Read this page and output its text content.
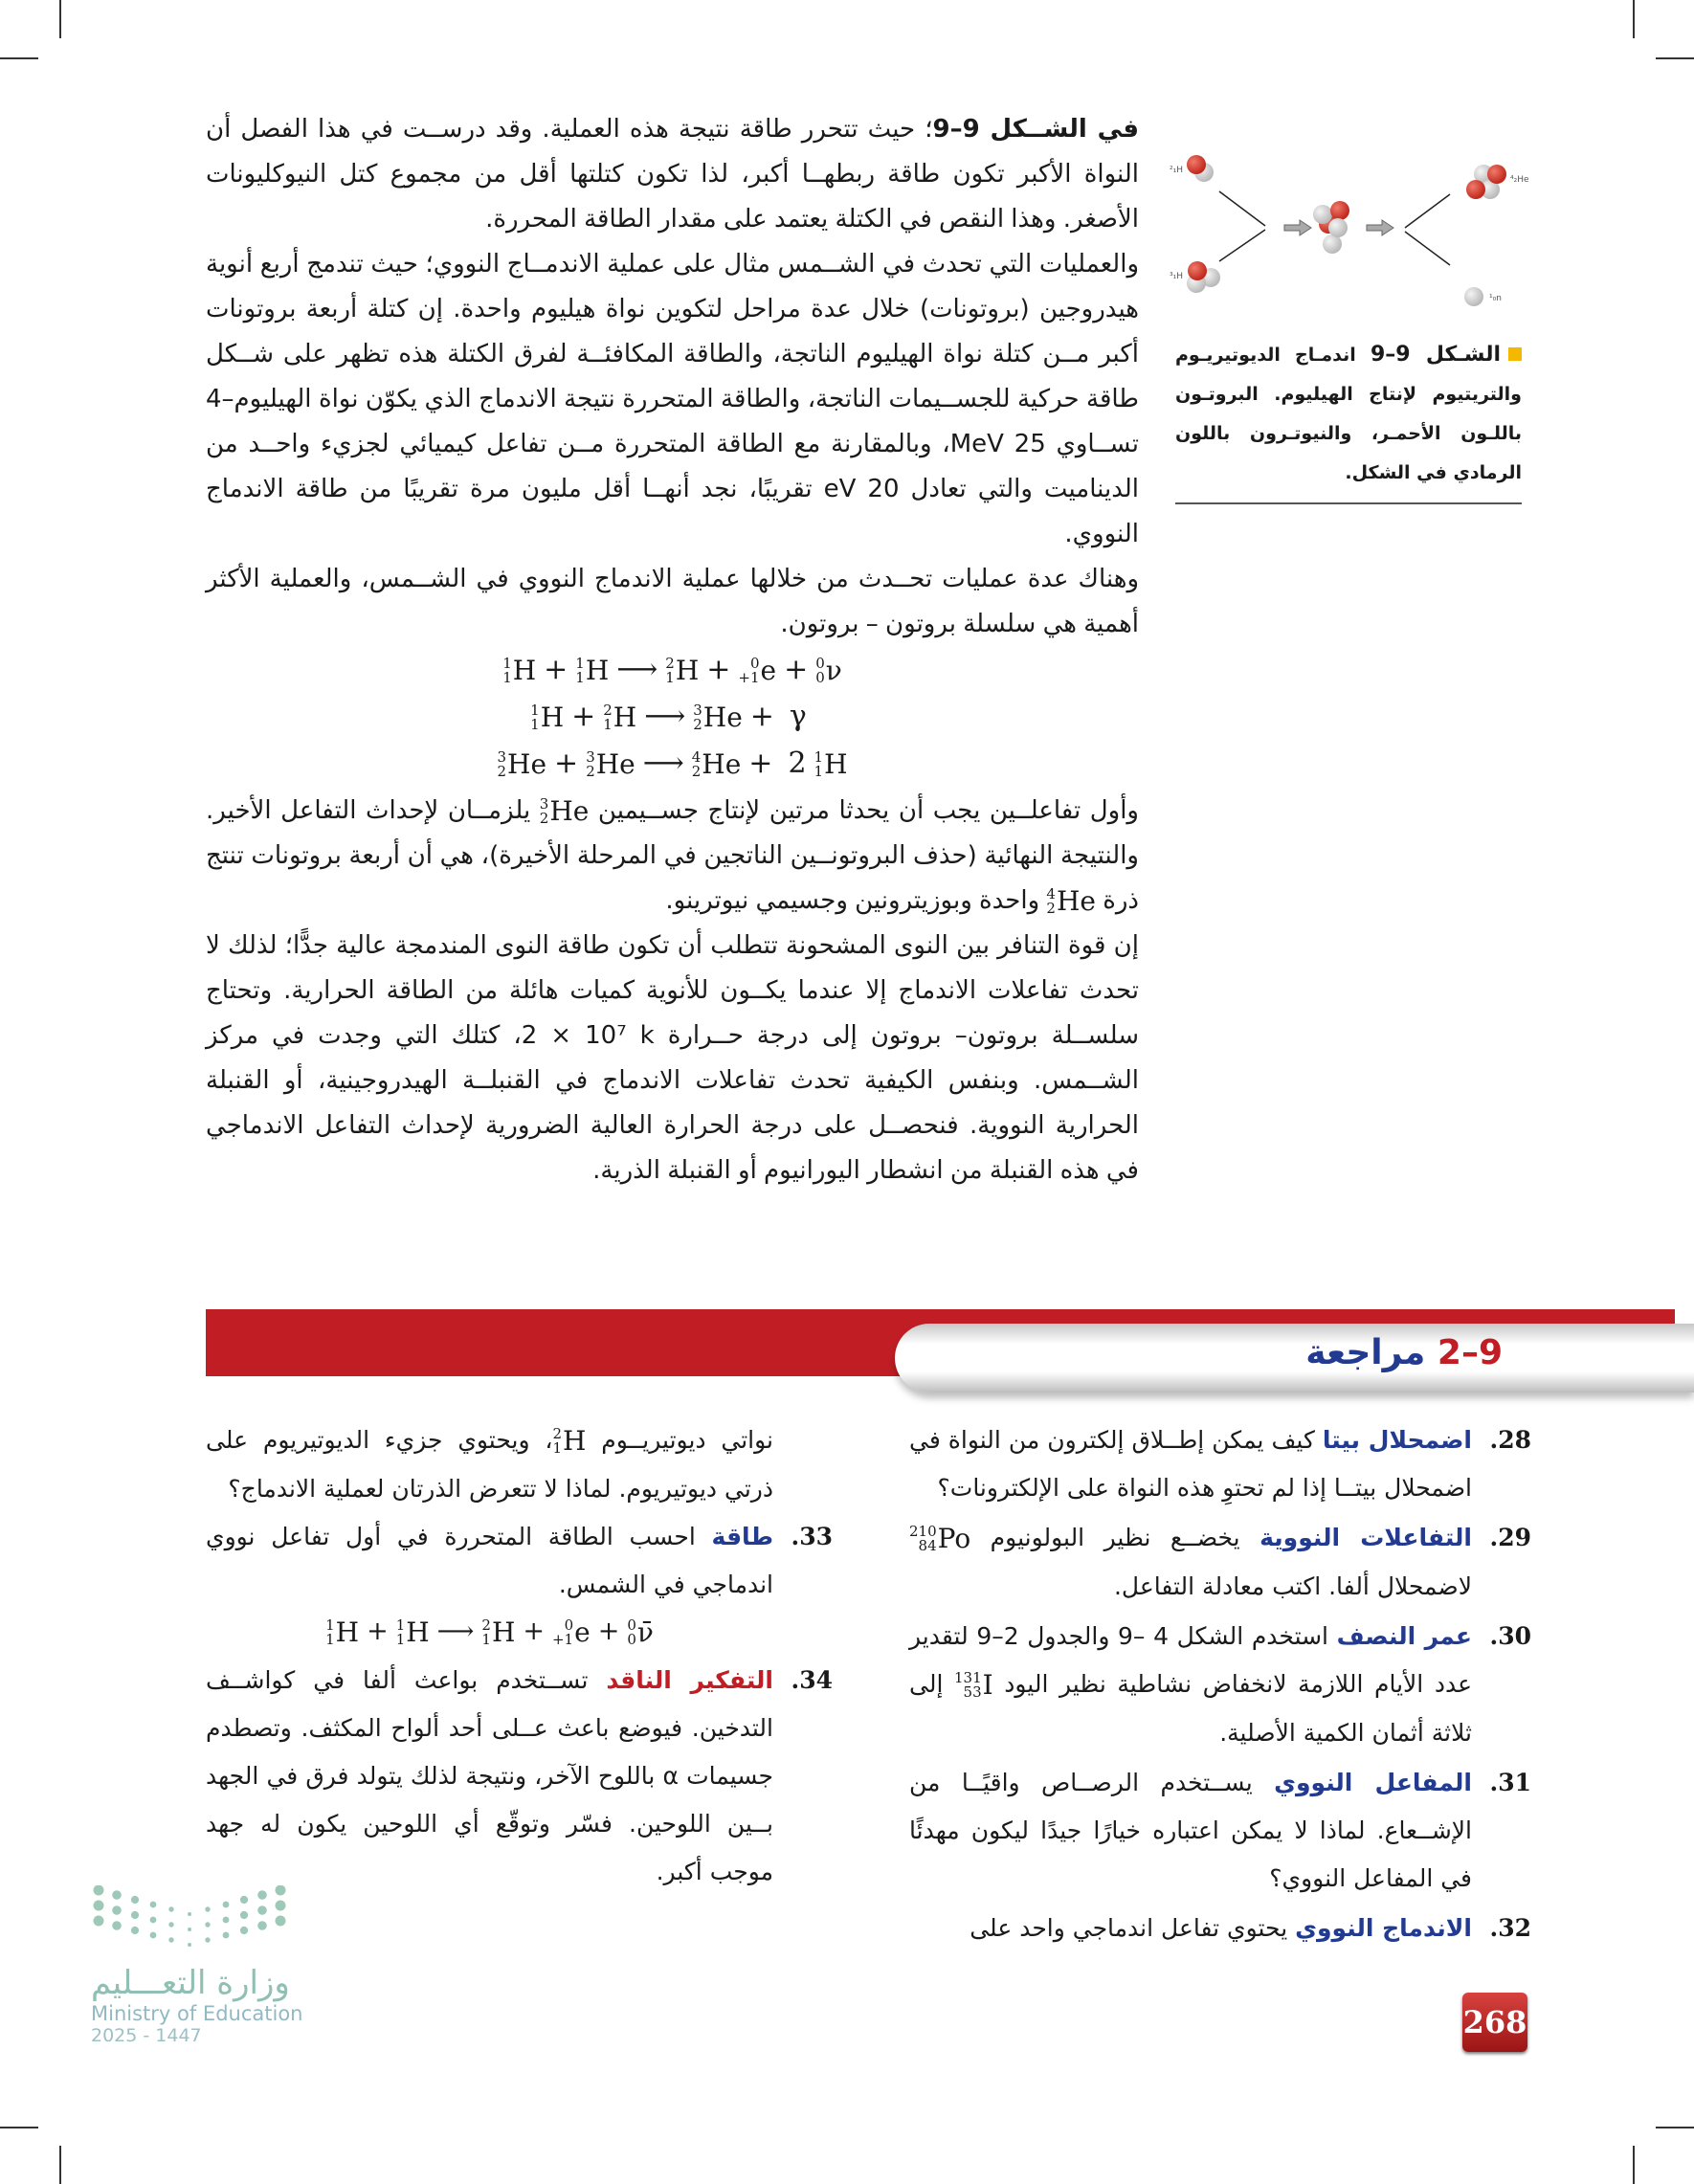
²₁H
³₁H
⁴₂He
¹₀n
الشـكل 9–9 اندمـاج الديوتيريـوم والتريتيوم لإنتاج الهيليوم. البروتـون باللـون الأحمـر، والنيوتـرون باللون الرمادي في الشكل.

في الشــكل 9–9؛ حيث تتحرر طاقة نتيجة هذه العملية. وقد درســت في هذا الفصل أن النواة الأكبر تكون طاقة ربطهــا أكبر، لذا تكون كتلتها أقل من مجموع كتل النيوكليونات الأصغر. وهذا النقص في الكتلة يعتمد على مقدار الطاقة المحررة.

والعمليات التي تحدث في الشــمس مثال على عملية الاندمــاج النووي؛ حيث تندمج أربع أنوية هيدروجين (بروتونات) خلال عدة مراحل لتكوين نواة هيليوم واحدة. إن كتلة أربعة بروتونات أكبر مــن كتلة نواة الهيليوم الناتجة، والطاقة المكافئــة لفرق الكتلة هذه تظهر على شــكل طاقة حركية للجســيمات الناتجة، والطاقة المتحررة نتيجة الاندماج الذي يكوّن نواة الهيليوم–4 تســاوي 25 MeV، وبالمقارنة مع الطاقة المتحررة مــن تفاعل كيميائي لجزيء واحــد من الديناميت والتي تعادل 20 eV تقريبًا، نجد أنهــا أقل مليون مرة تقريبًا من طاقة الاندماج النووي.

وهناك عدة عمليات تحــدث من خلالها عملية الاندماج النووي في الشــمس، والعملية الأكثر أهمية هي سلسلة بروتون – بروتون.

1
1 H + 1
1 H ⟶ 2
1 H +	0
+1 e + 0
0 ν
1
1 H + 2
1 H ⟶ 3
2 He + γ
3
2 He + 3
2 He ⟶ 4
2 He + 2 1
1 H

وأول تفاعلــين يجب أن يحدثا مرتين لإنتاج جســيمين
3
2 He
يلزمــان لإحداث التفاعل الأخير. والنتيجة النهائية (حذف البروتونــين الناتجين في المرحلة الأخيرة)، هي أن أربعة بروتونات تنتج ذرة
4
2 He
واحدة وبوزيترونين وجسيمي نيوترينو.

إن قوة التنافر بين النوى المشحونة تتطلب أن تكون طاقة النوى المندمجة عالية جدًّا؛ لذلك لا تحدث تفاعلات الاندماج إلا عندما يكــون للأنوية كميات هائلة من الطاقة الحرارية. وتحتاج سلســلة بروتون– بروتون إلى درجة حــرارة 2 × 10⁷ k، كتلك التي وجدت في مركز الشــمس. وبنفس الكيفية تحدث تفاعلات الاندماج في القنبلــة الهيدروجينية، أو القنبلة الحرارية النووية. فنحصــل على درجة الحرارة العالية الضرورية لإحداث التفاعل الاندماجي في هذه القنبلة من انشطار اليورانيوم أو القنبلة الذرية.

9–2 مراجعة
28.
اضمحلال بيتا كيف يمكن إطــلاق إلكترون من النواة في اضمحلال بيتــا إذا لم تحتوِ هذه النواة على الإلكترونات؟
29.
التفاعلات النووية يخضــع نظير البولونيوم
210
84 Po
لاضمحلال ألفا. اكتب معادلة التفاعل.
30.
عمر النصف استخدم الشكل 4 –9 والجدول 2–9 لتقدير عدد الأيام اللازمة لانخفاض نشاطية نظير اليود
131
53 I
إلى ثلاثة أثمان الكمية الأصلية.
31.
المفاعل النووي يســتخدم الرصــاص واقيًــا من الإشــعاع. لماذا لا يمكن اعتباره خيارًا جيدًا ليكون مهدئًا في المفاعل النووي؟
32.
الاندماج النووي يحتوي تفاعل اندماجي واحد على
نواتي ديوتيريــوم
2
1 H
، ويحتوي جزيء الديوتيريوم على ذرتي ديوتيريوم. لماذا لا تتعرض الذرتان لعملية الاندماج؟
33.
طاقة احسب الطاقة المتحررة في أول تفاعل نووي اندماجي في الشمس.
1
1 H + 1
1 H ⟶ 2
1 H +	0
+1 e + 0
0 ν̄
34.
التفكير الناقد تســتخدم بواعث ألفا في كواشــف التدخين. فيوضع باعث عــلى أحد ألواح المكثف. وتصطدم جسيمات α باللوح الآخر، ونتيجة لذلك يتولد فرق في الجهد بــين اللوحين. فسّر وتوقّع أي اللوحين يكون له جهد موجب أكبر.
268
وزارة التعـــليم
Ministry of Education
2025 - 1447
